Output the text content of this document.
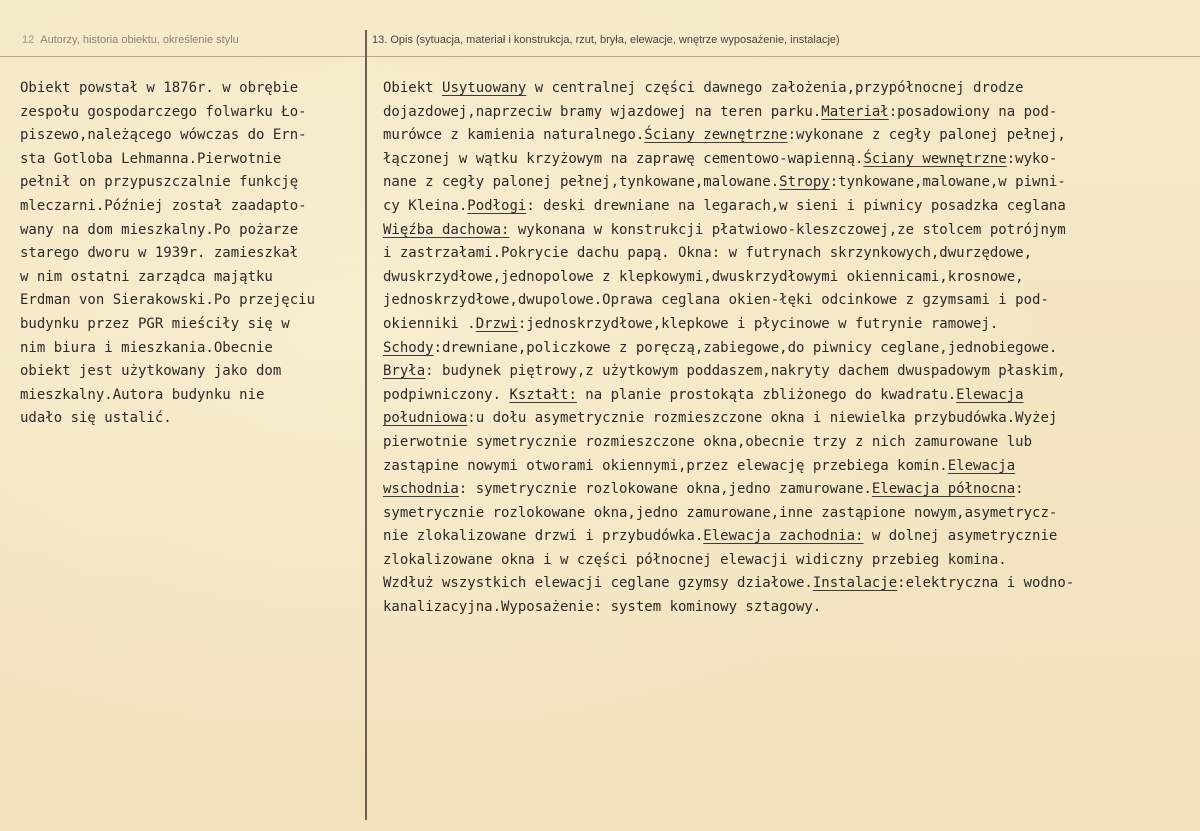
12 Autorzy, historia obiektu, określenie stylu	13. Opis (sytuacja, materiał i konstrukcja, rzut, bryła, elewacje, wnętrze wyposażenie, instalacje)
Obiekt powstał w 1876r. w obrębie
zespołu gospodarczego folwarku Ło-
piszewo,należącego wówczas do Ern-
sta Gotloba Lehmanna.Pierwotnie
pełnił on przypuszczalnie funkcję
mleczarni.Później został zaadapto-
wany na dom mieszkalny.Po pożarze
starego dworu w 1939r. zamieszkał
w nim ostatni zarządca majątku
Erdman von Sierakowski.Po przejęciu
budynku przez PGR mieściły się w
nim biura i mieszkania.Obecnie
obiekt jest użytkowany jako dom
mieszkalny.Autora budynku nie
udało się ustalić.
Obiekt Usytuowany w centralnej części dawnego założenia,przypółnocnej drodze
dojazdowej,naprzeciw bramy wjazdowej na teren parku.Materiał:posadowiony na pod-
murówce z kamienia naturalnego.Ściany zewnętrzne:wykonane z cegły palonej pełnej,
łączonej w wątku krzyżowym na zaprawę cementowo-wapienną.Ściany wewnętrzne:wyko-
nane z cegły palonej pełnej,tynkowane,malowane.Stropy:tynkowane,malowane,w piwni-
cy Kleina.Podłogi: deski drewniane na legarach,w sieni i piwnicy posadzka ceglana
Więźba dachowa: wykonana w konstrukcji płatwiowo-kleszczowej,ze stolcem potrójnym
i zastrzałami.Pokrycie dachu papą. Okna: w futrynach skrzynkowych,dwurzędowe,
dwuskrzydłowe,jednopolowe z klepkowymi,dwuskrzydłowymi okiennicami,krosnowe,
jednoskrzydłowe,dwupolowe.Oprawa ceglana okien-łęki odcinkowe z gzymsami i pod-
okienniki .Drzwi:jednoskrzydłowe,klepkowe i płycinowe w futrynie ramowej.
Schody:drewniane,policzkowe z poręczą,zabiegowe,do piwnicy ceglane,jednobiegowe.
Bryła: budynek piętrowy,z użytkowym poddaszem,nakryty dachem dwuspadowym płaskim,
podpiwniczony. Kształt: na planie prostokąta zbliżonego do kwadratu.Elewacja
południowa:u dołu asymetrycznie rozmieszczone okna i niewielka przybudówka.Wyżej
pierwotnie symetrycznie rozmieszczone okna,obecnie trzy z nich zamurowane lub
zastąpine nowymi otworami okiennymi,przez elewację przebiega komin.Elewacja
wschodnia: symetrycznie rozlokowane okna,jedno zamurowane.Elewacja północna:
symetrycznie rozlokowane okna,jedno zamurowane,inne zastąpione nowym,asymetrycz-
nie zlokalizowane drzwi i przybudówka.Elewacja zachodnia: w dolnej asymetrycznie
zlokalizowane okna i w części północnej elewacji widiczny przebieg komina.
Wzdłuż wszystkich elewacji ceglane gzymsy działowe.Instalacje:elektryczna i wodno-
kanalizacyjna.Wyposażenie: system kominowy sztagowy.
